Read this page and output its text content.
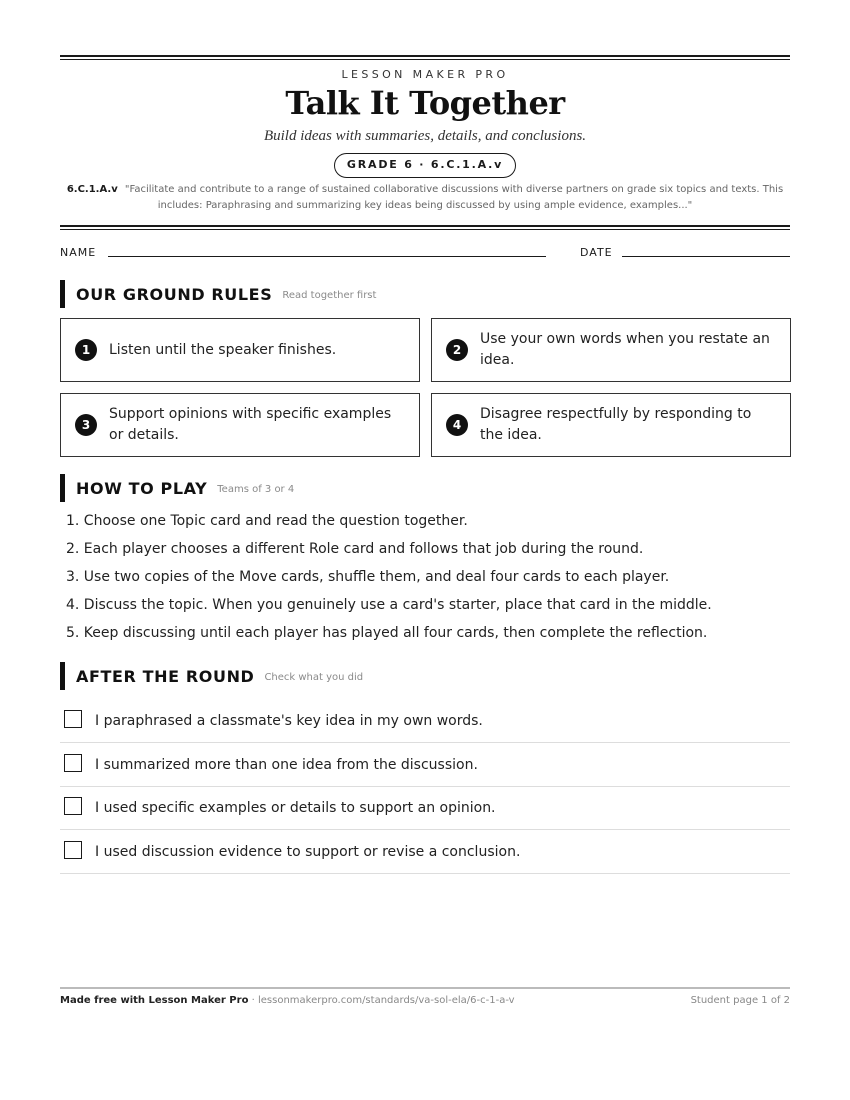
LESSON MAKER PRO
Talk It Together
Build ideas with summaries, details, and conclusions.
GRADE 6 · 6.C.1.A.v
6.C.1.A.v "Facilitate and contribute to a range of sustained collaborative discussions with diverse partners on grade six topics and texts. This includes: Paraphrasing and summarizing key ideas being discussed by using ample evidence, examples..."
NAME	DATE
OUR GROUND RULES Read together first
1	Listen until the speaker finishes.	2
Use your own words when you restate an idea.
3
Support opinions with specific examples or details.
4
Disagree respectfully by responding to the idea.
HOW TO PLAY Teams of 3 or 4
1. Choose one Topic card and read the question together.
2. Each player chooses a different Role card and follows that job during the round.
3. Use two copies of the Move cards, shuffle them, and deal four cards to each player.
4. Discuss the topic. When you genuinely use a card's starter, place that card in the middle.
5. Keep discussing until each player has played all four cards, then complete the reflection.
AFTER THE ROUND Check what you did
I paraphrased a classmate's key idea in my own words.
I summarized more than one idea from the discussion.
I used specific examples or details to support an opinion.
I used discussion evidence to support or revise a conclusion.
Made free with Lesson Maker Pro · lessonmakerpro.com/standards/va-sol-ela/6-c-1-a-v	Student page 1 of 2
